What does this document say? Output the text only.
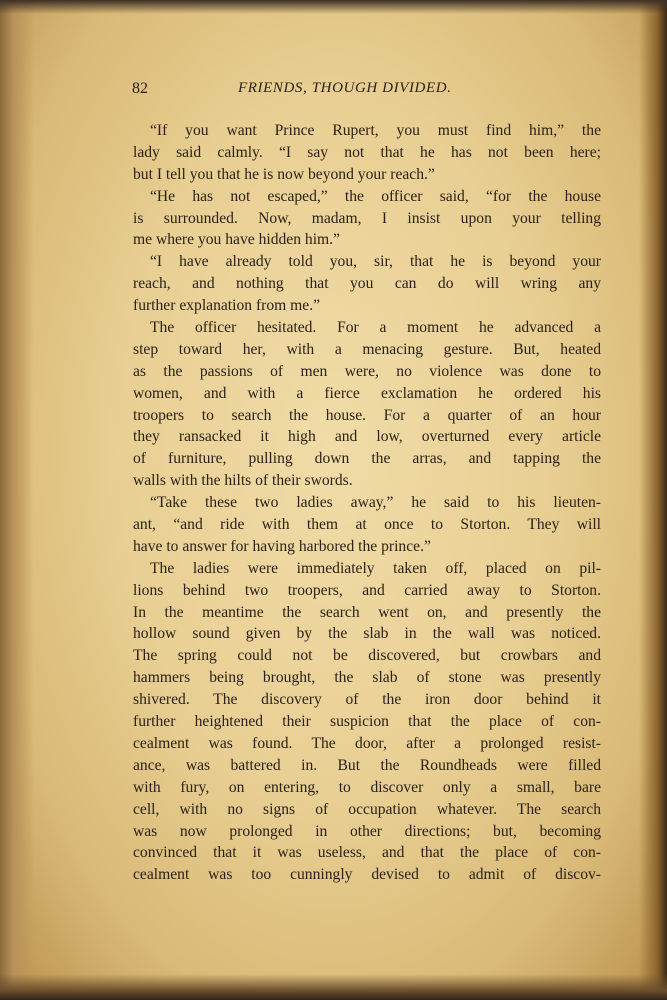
82	FRIENDS, THOUGH DIVIDED.
“If you want Prince Rupert, you must find him,” the
lady said calmly. “I say not that he has not been here;
but I tell you that he is now beyond your reach.”
“He has not escaped,” the officer said, “for the house
is surrounded. Now, madam, I insist upon your telling
me where you have hidden him.”
“I have already told you, sir, that he is beyond your
reach, and nothing that you can do will wring any
further explanation from me.”
The officer hesitated. For a moment he advanced a
step toward her, with a menacing gesture. But, heated
as the passions of men were, no violence was done to
women, and with a fierce exclamation he ordered his
troopers to search the house. For a quarter of an hour
they ransacked it high and low, overturned every article
of furniture, pulling down the arras, and tapping the
walls with the hilts of their swords.
“Take these two ladies away,” he said to his lieuten-
ant, “and ride with them at once to Storton. They will
have to answer for having harbored the prince.”
The ladies were immediately taken off, placed on pil-
lions behind two troopers, and carried away to Storton.
In the meantime the search went on, and presently the
hollow sound given by the slab in the wall was noticed.
The spring could not be discovered, but crowbars and
hammers being brought, the slab of stone was presently
shivered. The discovery of the iron door behind it
further heightened their suspicion that the place of con-
cealment was found. The door, after a prolonged resist-
ance, was battered in. But the Roundheads were filled
with fury, on entering, to discover only a small, bare
cell, with no signs of occupation whatever. The search
was now prolonged in other directions; but, becoming
convinced that it was useless, and that the place of con-
cealment was too cunningly devised to admit of discov-
